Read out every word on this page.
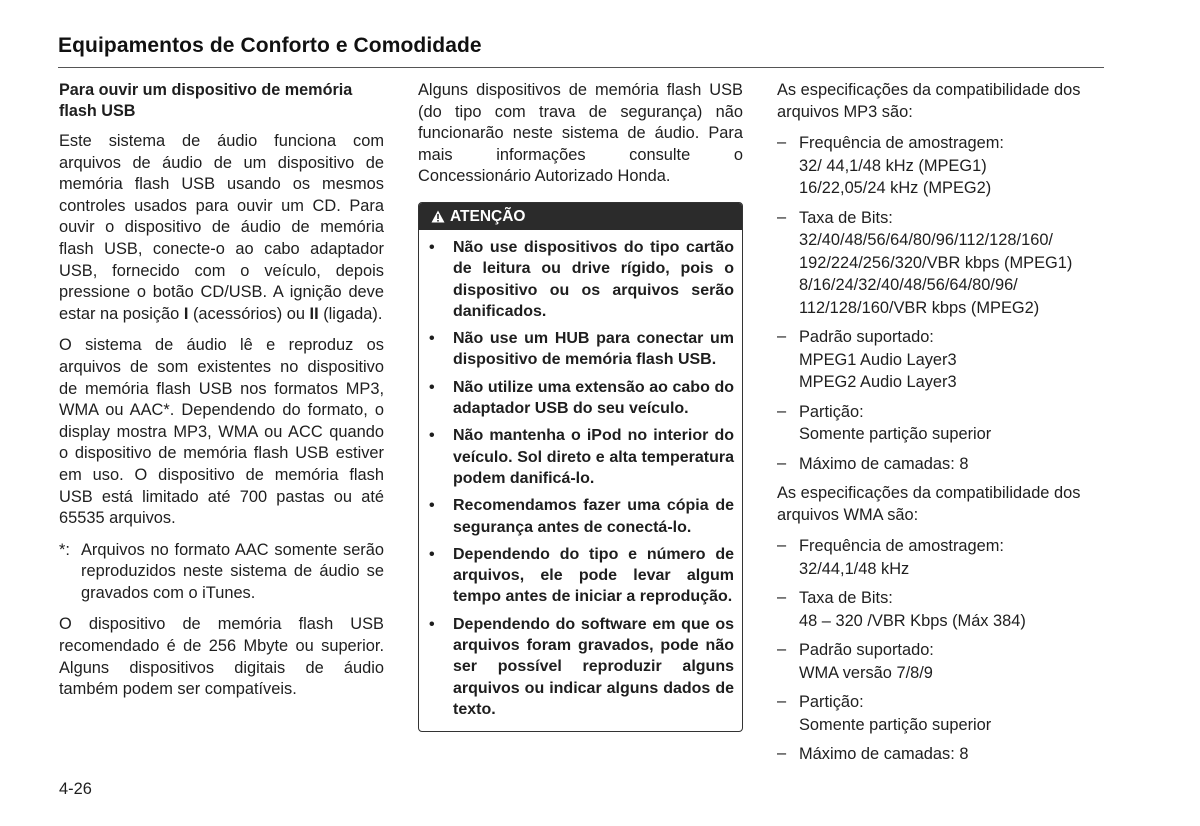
Equipamentos de Conforto e Comodidade
Para ouvir um dispositivo de memória flash USB

Este sistema de áudio funciona com arquivos de áudio de um dispositivo de memória flash USB usando os mesmos controles usados para ouvir um CD. Para ouvir o dispositivo de áudio de memória flash USB, conecte-o ao cabo adaptador USB, fornecido com o veículo, depois pressione o botão CD/USB. A ignição deve estar na posição I (acessórios) ou II (ligada).

O sistema de áudio lê e reproduz os arquivos de som existentes no dispositivo de memória flash USB nos formatos MP3, WMA ou AAC*. Dependendo do formato, o display mostra MP3, WMA ou ACC quando o dispositivo de memória flash USB estiver em uso. O dispositivo de memória flash USB está limitado até 700 pastas ou até 65535 arquivos.

*: Arquivos no formato AAC somente serão reproduzidos neste sistema de áudio se gravados com o iTunes.

O dispositivo de memória flash USB recomendado é de 256 Mbyte ou superior. Alguns dispositivos digitais de áudio também podem ser compatíveis.

Alguns dispositivos de memória flash USB (do tipo com trava de segurança) não funcionarão neste sistema de áudio. Para mais informações consulte o Concessionário Autorizado Honda.

ATENÇÃO
•	Não use dispositivos do tipo cartão de leitura ou drive rígido, pois o dispositivo ou os arquivos serão danificados.
•	Não use um HUB para conectar um dispositivo de memória flash USB.
•	Não utilize uma extensão ao cabo do adaptador USB do seu veículo.
•	Não mantenha o iPod no interior do veículo. Sol direto e alta temperatura podem danificá-lo.
•	Recomendamos fazer uma cópia de segurança antes de conectá-lo.
•	Dependendo do tipo e número de arquivos, ele pode levar algum tempo antes de iniciar a reprodução.
•	Dependendo do software em que os arquivos foram gravados, pode não ser possível reproduzir alguns arquivos ou indicar alguns dados de texto.

As especificações da compatibilidade dos arquivos MP3 são:

– Frequência de amostragem:
32/ 44,1/48 kHz (MPEG1)
16/22,05/24 kHz (MPEG2)
– Taxa de Bits:
32/40/48/56/64/80/96/112/128/160/
192/224/256/320/VBR kbps (MPEG1)
8/16/24/32/40/48/56/64/80/96/
112/128/160/VBR kbps (MPEG2)
– Padrão suportado:
MPEG1 Audio Layer3
MPEG2 Audio Layer3
– Partição:
Somente partição superior
– Máximo de camadas: 8

As especificações da compatibilidade dos arquivos WMA são:

– Frequência de amostragem:
32/44,1/48 kHz
– Taxa de Bits:
48 – 320 /VBR Kbps (Máx 384)
– Padrão suportado:
WMA versão 7/8/9
– Partição:
Somente partição superior
– Máximo de camadas: 8
4-26
